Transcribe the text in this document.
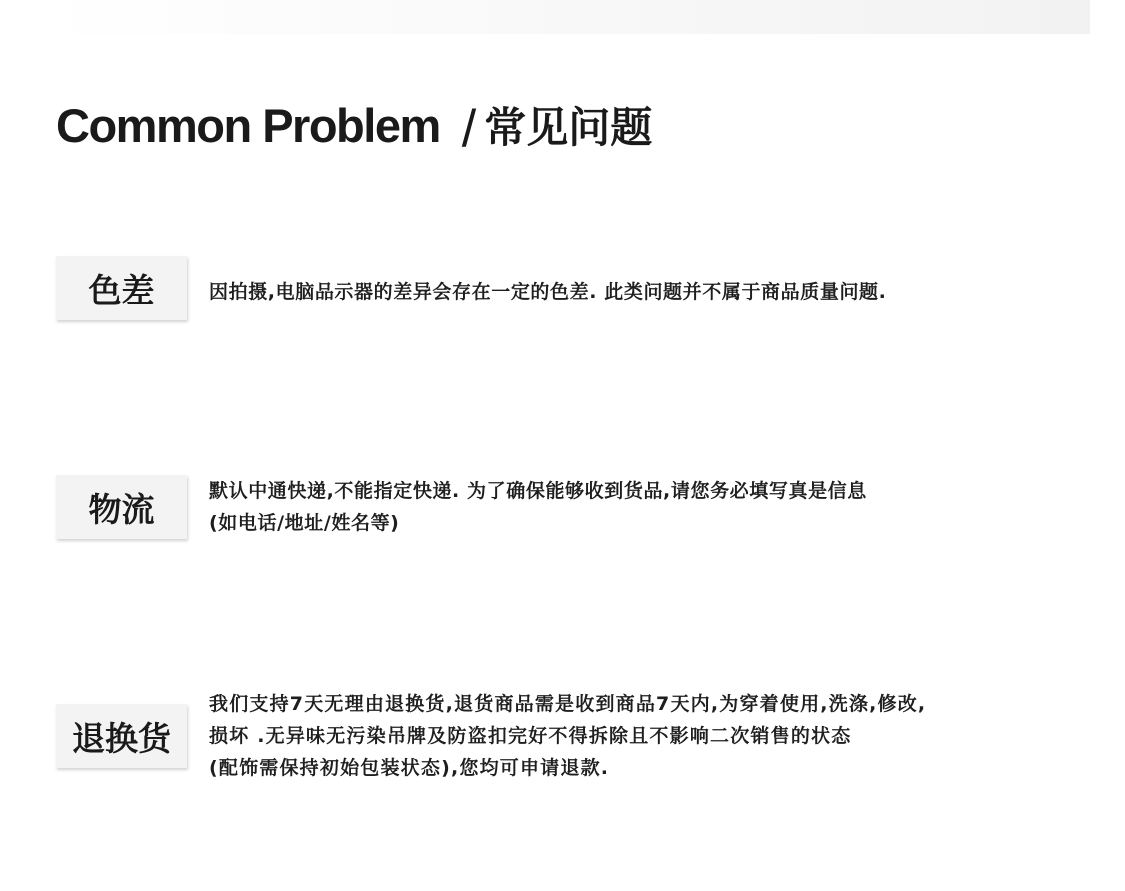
Common Problem / 常见问题
色差	因拍摄,电脑品示器的差异会存在一定的色差. 此类问题并不属于商品质量问题.
物流	默认中通快递,不能指定快递. 为了确保能够收到货品,请您务必填写真是信息
(如电话/地址/姓名等)
退换货
我们支持7天无理由退换货,退货商品需是收到商品7天内,为穿着使用,洗涤,修改,
损坏 .无异味无污染吊牌及防盗扣完好不得拆除且不影响二次销售的状态
(配饰需保持初始包装状态),您均可申请退款.
